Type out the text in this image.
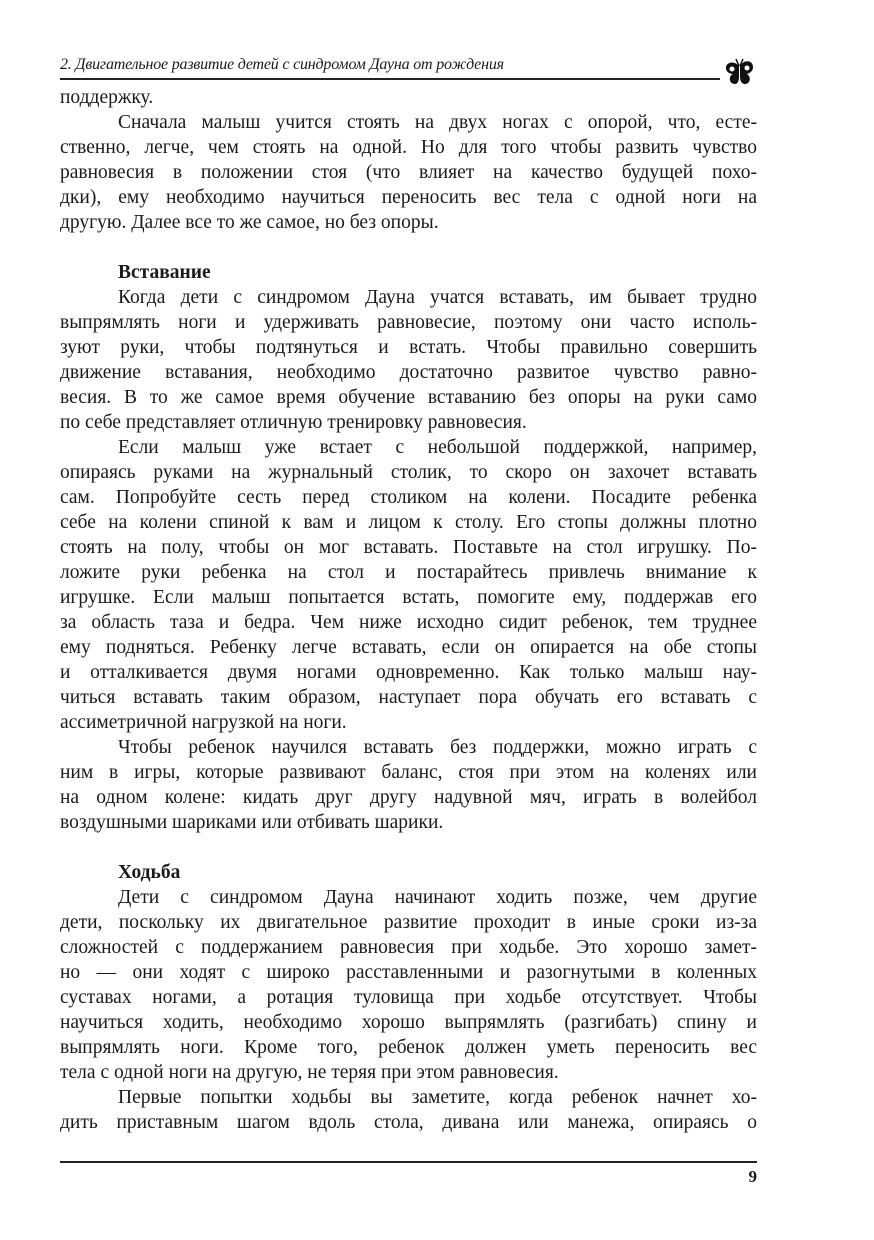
2. Двигательное развитие детей с синдромом Дауна от рождения
поддержку.
Сначала малыш учится стоять на двух ногах с опорой, что, есте-
ственно, легче, чем стоять на одной. Но для того чтобы развить чувство
равновесия в положении стоя (что влияет на качество будущей похо-
дки), ему необходимо научиться переносить вес тела с одной ноги на
другую. Далее все то же самое, но без опоры.
Вставание
Когда дети с синдромом Дауна учатся вставать, им бывает трудно
выпрямлять ноги и удерживать равновесие, поэтому они часто исполь-
зуют руки, чтобы подтянуться и встать. Чтобы правильно совершить
движение вставания, необходимо достаточно развитое чувство равно-
весия. В то же самое время обучение вставанию без опоры на руки само
по себе представляет отличную тренировку равновесия.
Если малыш уже встает с небольшой поддержкой, например,
опираясь руками на журнальный столик, то скоро он захочет вставать
сам. Попробуйте сесть перед столиком на колени. Посадите ребенка
себе на колени спиной к вам и лицом к столу. Его стопы должны плотно
стоять на полу, чтобы он мог вставать. Поставьте на стол игрушку. По-
ложите руки ребенка на стол и постарайтесь привлечь внимание к
игрушке. Если малыш попытается встать, помогите ему, поддержав его
за область таза и бедра. Чем ниже исходно сидит ребенок, тем труднее
ему подняться. Ребенку легче вставать, если он опирается на обе стопы
и отталкивается двумя ногами одновременно. Как только малыш нау-
читься вставать таким образом, наступает пора обучать его вставать с
ассиметричной нагрузкой на ноги.
Чтобы ребенок научился вставать без поддержки, можно играть с
ним в игры, которые развивают баланс, стоя при этом на коленях или
на одном колене: кидать друг другу надувной мяч, играть в волейбол
воздушными шариками или отбивать шарики.
Ходьба
Дети с синдромом Дауна начинают ходить позже, чем другие
дети, поскольку их двигательное развитие проходит в иные сроки из-за
сложностей с поддержанием равновесия при ходьбе. Это хорошо замет-
но — они ходят с широко расставленными и разогнутыми в коленных
суставах ногами, а ротация туловища при ходьбе отсутствует. Чтобы
научиться ходить, необходимо хорошо выпрямлять (разгибать) спину и
выпрямлять ноги. Кроме того, ребенок должен уметь переносить вес
тела с одной ноги на другую, не теряя при этом равновесия.
Первые попытки ходьбы вы заметите, когда ребенок начнет хо-
дить приставным шагом вдоль стола, дивана или манежа, опираясь о
9
